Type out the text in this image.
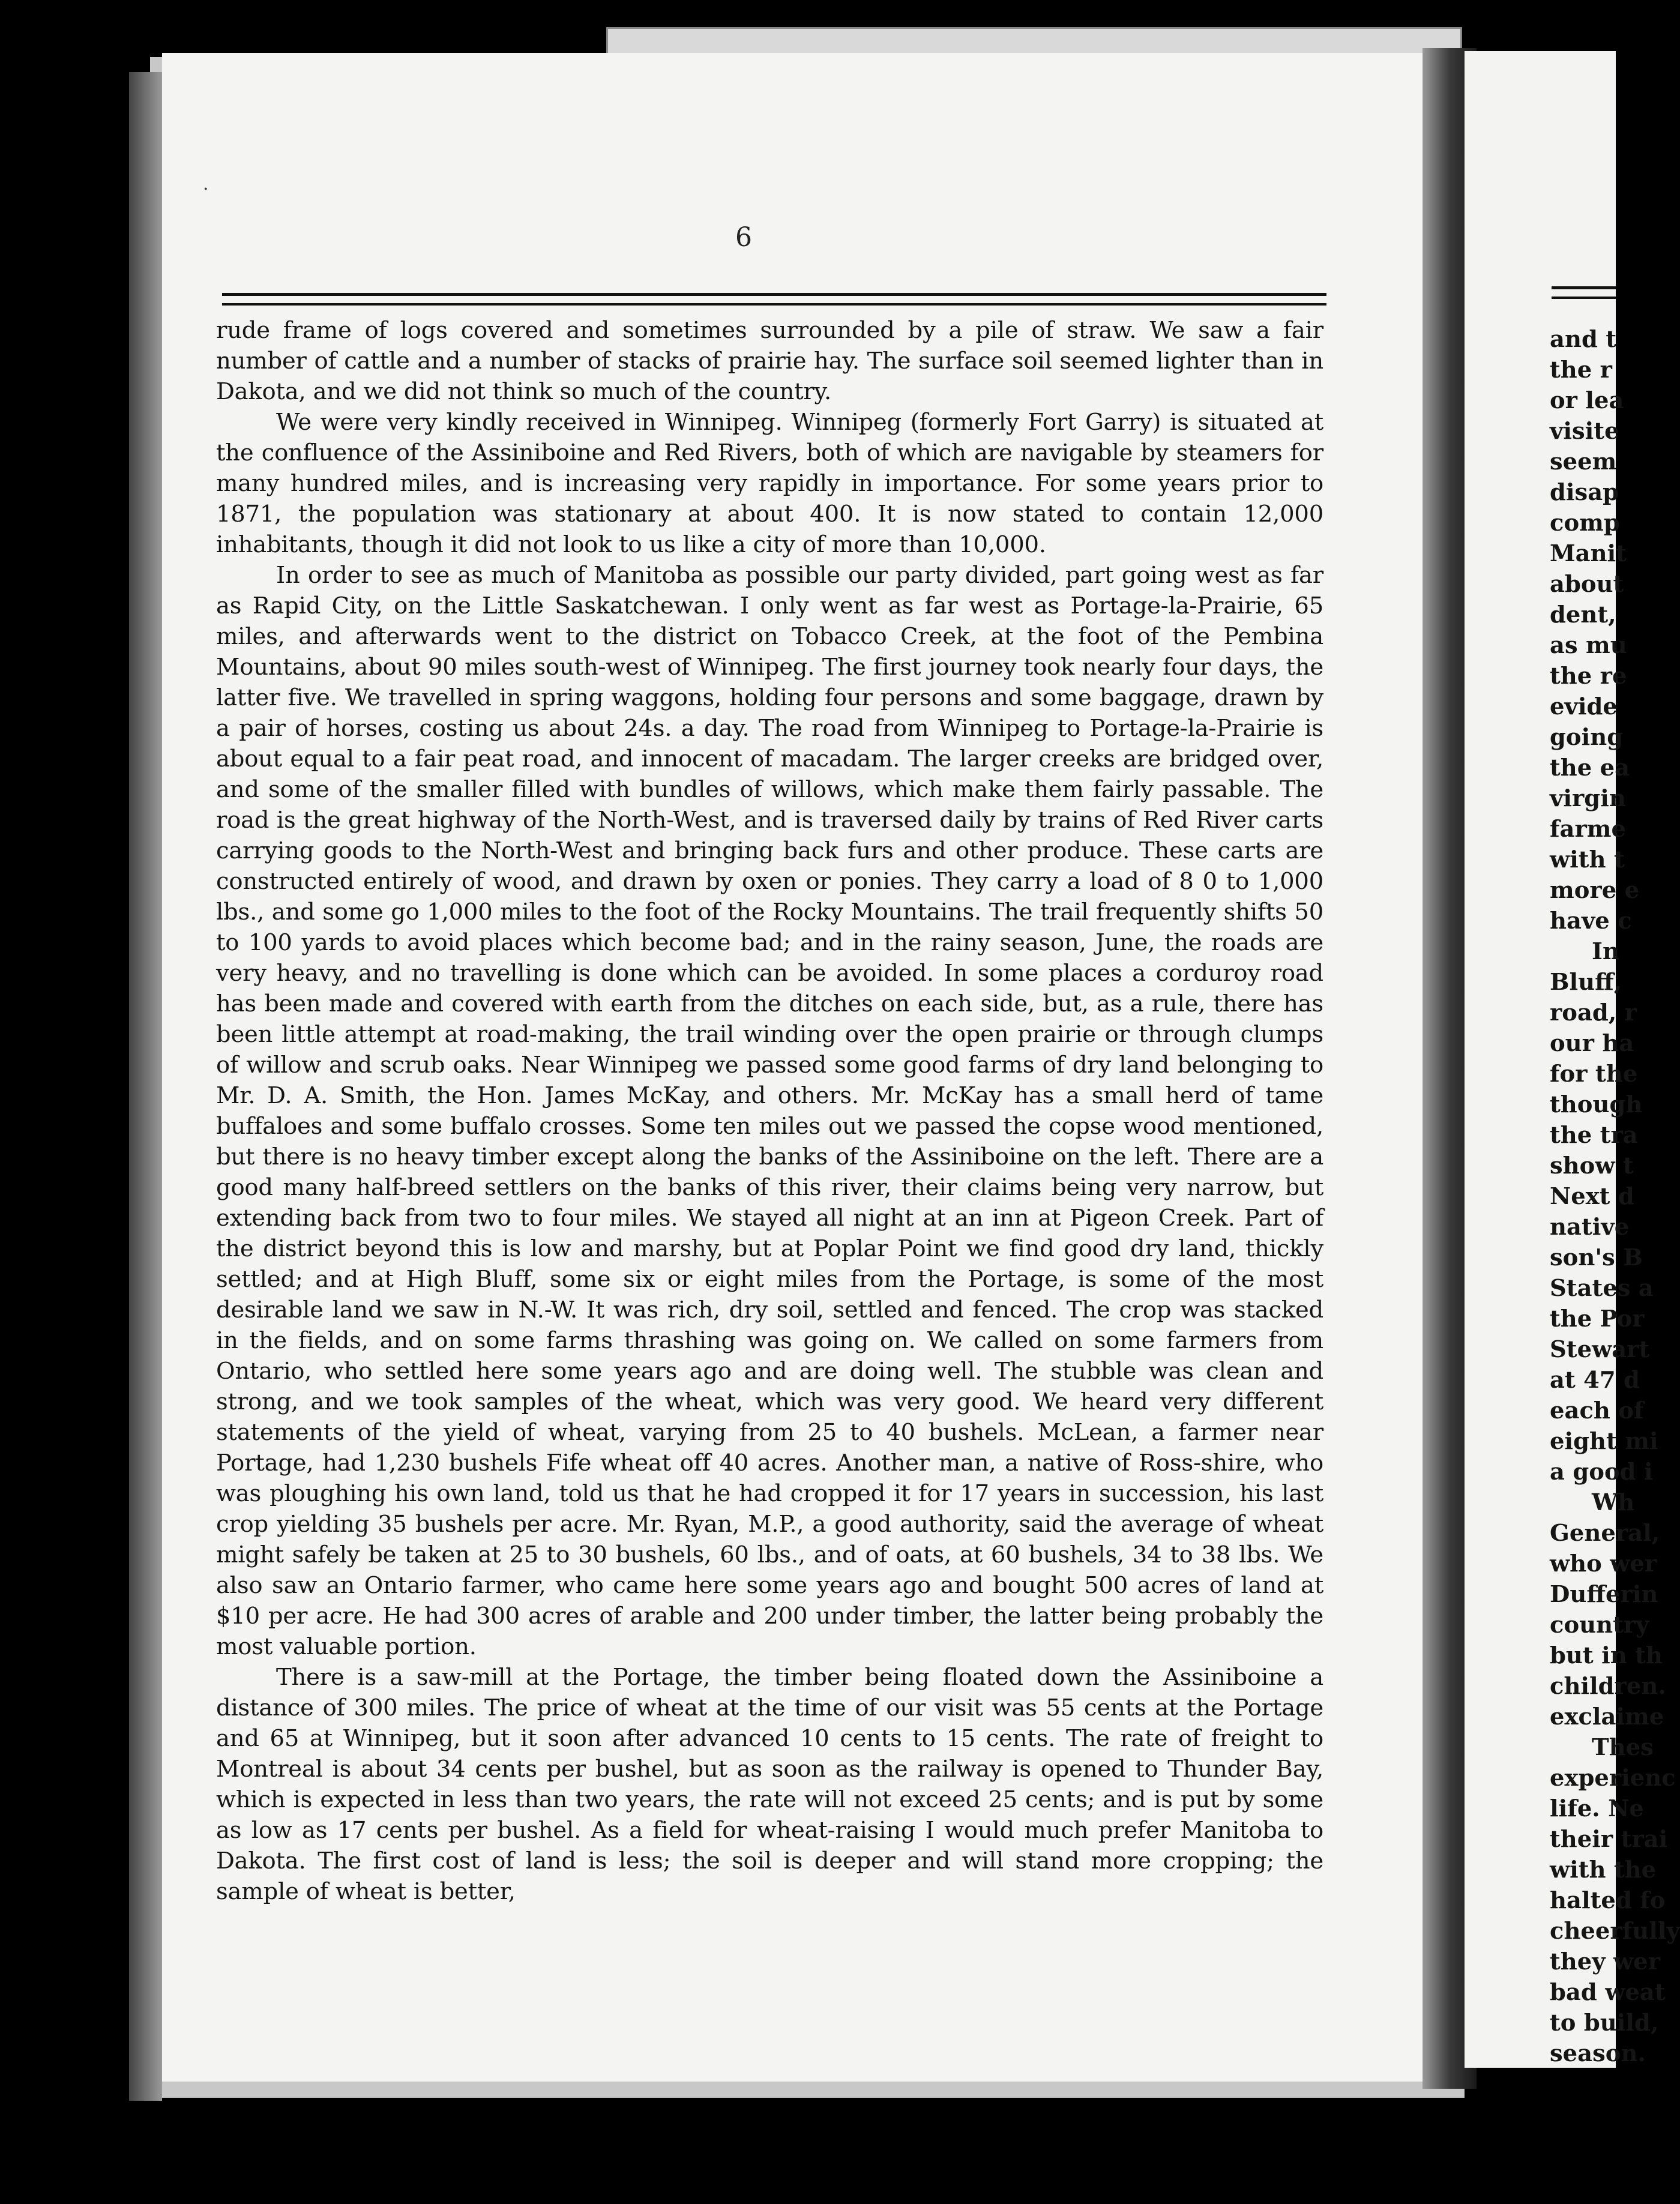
·
6

rude frame of logs covered and sometimes surrounded by a pile of straw. We saw a fair number of cattle and a number of stacks of prairie hay. The surface soil seemed lighter than in Dakota, and we did not think so much of the country.

We were very kindly received in Winnipeg. Winnipeg (formerly Fort Garry) is situated at the confluence of the Assiniboine and Red Rivers, both of which are navigable by steamers for many hundred miles, and is increasing very rapidly in importance. For some years prior to 1871, the population was stationary at about 400. It is now stated to contain 12,000 inhabitants, though it did not look to us like a city of more than 10,000.

In order to see as much of Manitoba as possible our party divided, part going west as far as Rapid City, on the Little Saskatchewan. I only went as far west as Portage-la-Prairie, 65 miles, and afterwards went to the district on Tobacco Creek, at the foot of the Pembina Mountains, about 90 miles south-west of Winnipeg. The first journey took nearly four days, the latter five. We travelled in spring waggons, holding four persons and some baggage, drawn by a pair of horses, costing us about 24s. a day. The road from Winnipeg to Portage-la-Prairie is about equal to a fair peat road, and innocent of macadam. The larger creeks are bridged over, and some of the smaller filled with bundles of willows, which make them fairly passable. The road is the great highway of the North-West, and is traversed daily by trains of Red River carts carrying goods to the North-West and bringing back furs and other produce. These carts are constructed entirely of wood, and drawn by oxen or ponies. They carry a load of 8 0 to 1,000 lbs., and some go 1,000 miles to the foot of the Rocky Mountains. The trail frequently shifts 50 to 100 yards to avoid places which become bad; and in the rainy season, June, the roads are very heavy, and no travelling is done which can be avoided. In some places a corduroy road has been made and covered with earth from the ditches on each side, but, as a rule, there has been little attempt at road-making, the trail winding over the open prairie or through clumps of willow and scrub oaks. Near Winnipeg we passed some good farms of dry land belonging to Mr. D. A. Smith, the Hon. James McKay, and others. Mr. McKay has a small herd of tame buffaloes and some buffalo crosses. Some ten miles out we passed the copse wood mentioned, but there is no heavy timber except along the banks of the Assiniboine on the left. There are a good many half-breed settlers on the banks of this river, their claims being very narrow, but extending back from two to four miles. We stayed all night at an inn at Pigeon Creek. Part of the district beyond this is low and marshy, but at Poplar Point we find good dry land, thickly settled; and at High Bluff, some six or eight miles from the Portage, is some of the most desirable land we saw in N.-W. It was rich, dry soil, settled and fenced. The crop was stacked in the fields, and on some farms thrashing was going on. We called on some farmers from Ontario, who settled here some years ago and are doing well. The stubble was clean and strong, and we took samples of the wheat, which was very good. We heard very different statements of the yield of wheat, varying from 25 to 40 bushels. McLean, a farmer near Portage, had 1,230 bushels Fife wheat off 40 acres. Another man, a native of Ross-shire, who was ploughing his own land, told us that he had cropped it for 17 years in succession, his last crop yielding 35 bushels per acre. Mr. Ryan, M.P., a good authority, said the average of wheat might safely be taken at 25 to 30 bushels, 60 lbs., and of oats, at 60 bushels, 34 to 38 lbs. We also saw an Ontario farmer, who came here some years ago and bought 500 acres of land at $10 per acre. He had 300 acres of arable and 200 under timber, the latter being probably the most valuable portion.

There is a saw-mill at the Portage, the timber being floated down the Assiniboine a distance of 300 miles. The price of wheat at the time of our visit was 55 cents at the Portage and 65 at Winnipeg, but it soon after advanced 10 cents to 15 cents. The rate of freight to Montreal is about 34 cents per bushel, but as soon as the railway is opened to Thunder Bay, which is expected in less than two years, the rate will not exceed 25 cents; and is put by some as low as 17 cents per bushel. As a field for wheat-raising I would much prefer Manitoba to Dakota. The first cost of land is less; the soil is deeper and will stand more cropping; the sample of wheat is better,

and t
the r
or lea
visite
seem
disap
comp
Manit
about
dent,
as mu
the re
evide
going
the ea
virgin
farme
with t
more e
have c
In
Bluff,
road, r
our ha
for the
though
the tra
show t
Next d
native
son's B
States a
the Por
Stewart
at 47 d
each of
eight mi
a good i
Wh
General,
who wer
Dufferin
country
but in th
children.
exclaime
Thes
experienc
life. Ne
their trai
with the
halted fo
cheerfully
they wer
bad weat
to build,
season.
